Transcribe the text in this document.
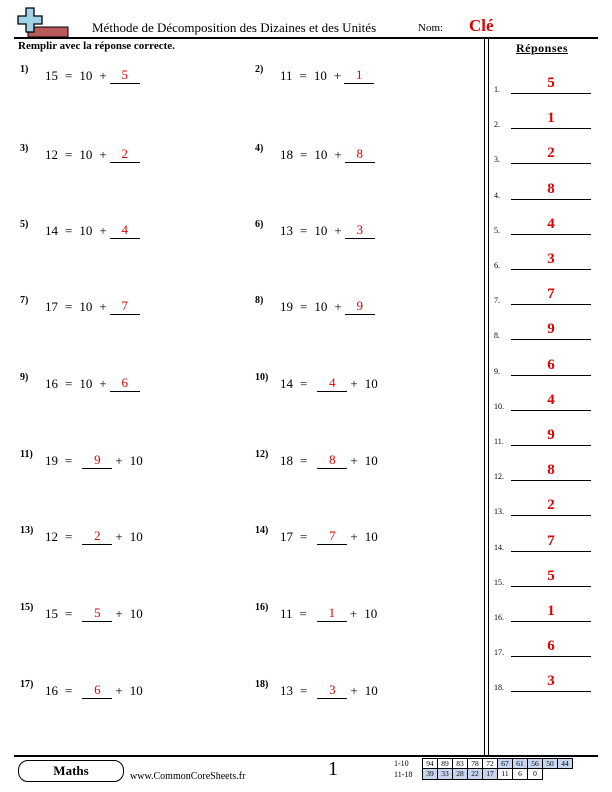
Méthode de Décomposition des Dizaines et des Unités	Nom: Clé
Remplir avec la réponse correcte.
1) 15 = 10 +	5	2) 11 = 10 +	1
3) 12 = 10 +	2	4) 18 = 10 +	8
5) 14 = 10 +	4	6) 13 = 10 +	3
7) 17 = 10 +	7	8) 19 = 10 +	9
9) 16 = 10 +	6	10) 14 =	4	+ 10
11) 19 =	9	+ 10	12) 18 =	8	+ 10
13) 12 =	2	+ 10	14) 17 =	7	+ 10
15) 15 =	5	+ 10	16) 11 =	1	+ 10
17) 16 =	6	+ 10	18) 13 =	3	+ 10
Réponses
1.	5
2.	1
3.	2
4.	8
5.	4
6.	3
7.	7
8.	9
9.	6
10.	4
11.	9
12.	8
13.	2
14.	7
15.	5
16.	1
17.	6
18.	3
Maths	www.CommonCoreSheets.fr	1	1-10	94	89	83	78	72	67	61	56	50	44
11-18	39	33	28	22	17	11	6	0
